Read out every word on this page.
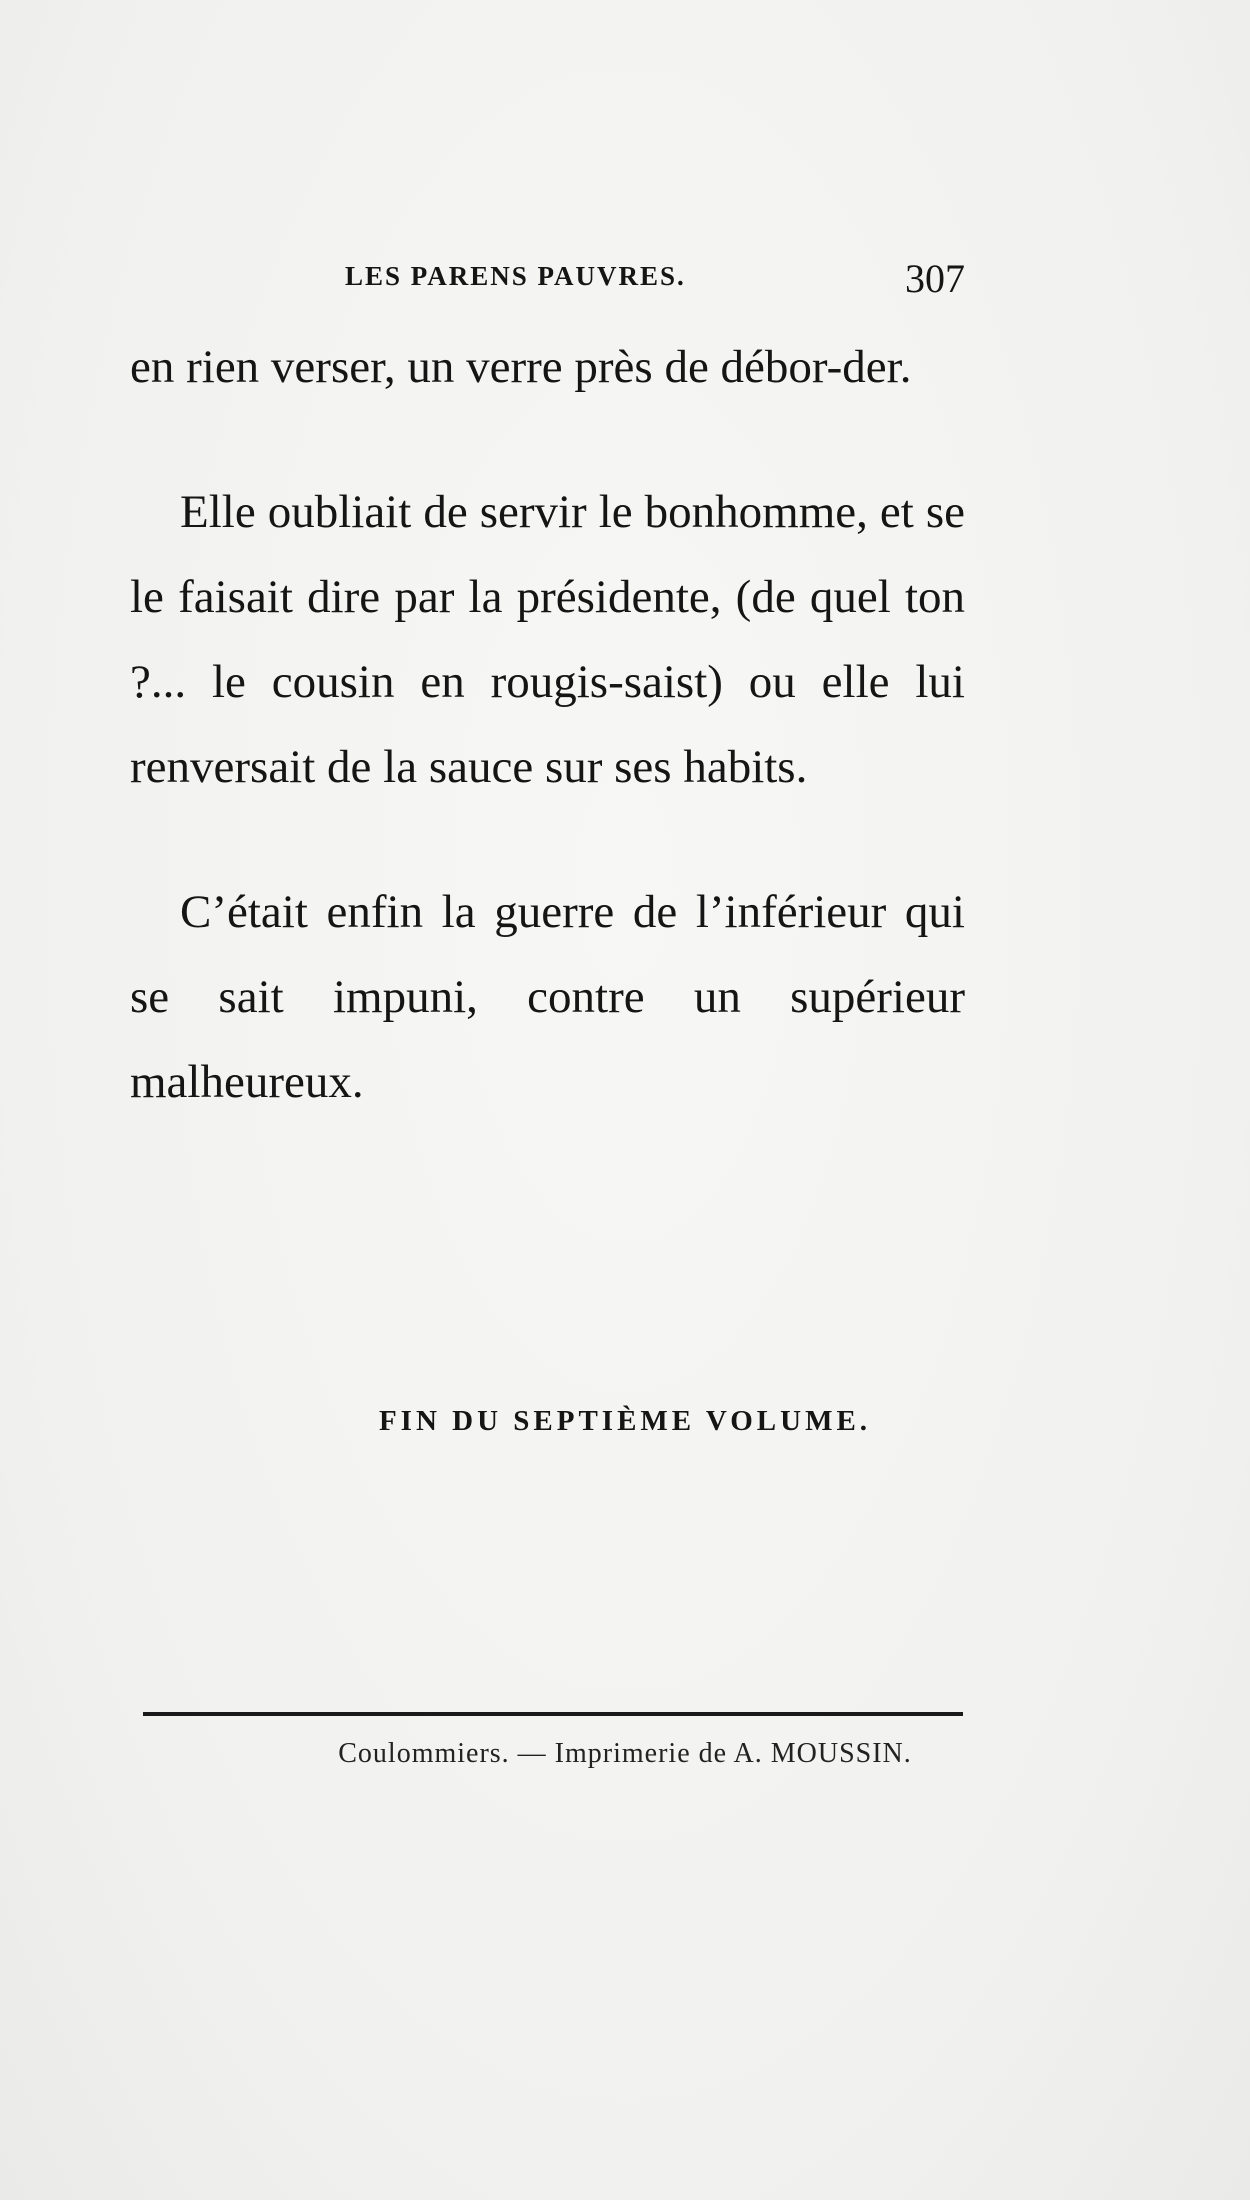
LES PARENS PAUVRES.	307

en rien verser, un verre près de débor-der.

Elle oubliait de servir le bonhomme, et se le faisait dire par la présidente, (de quel ton ?... le cousin en rougis-saist) ou elle lui renversait de la sauce sur ses habits.

C’était enfin la guerre de l’inférieur qui se sait impuni, contre un supérieur malheureux.

FIN DU SEPTIÈME VOLUME.
Coulommiers. — Imprimerie de A. MOUSSIN.
